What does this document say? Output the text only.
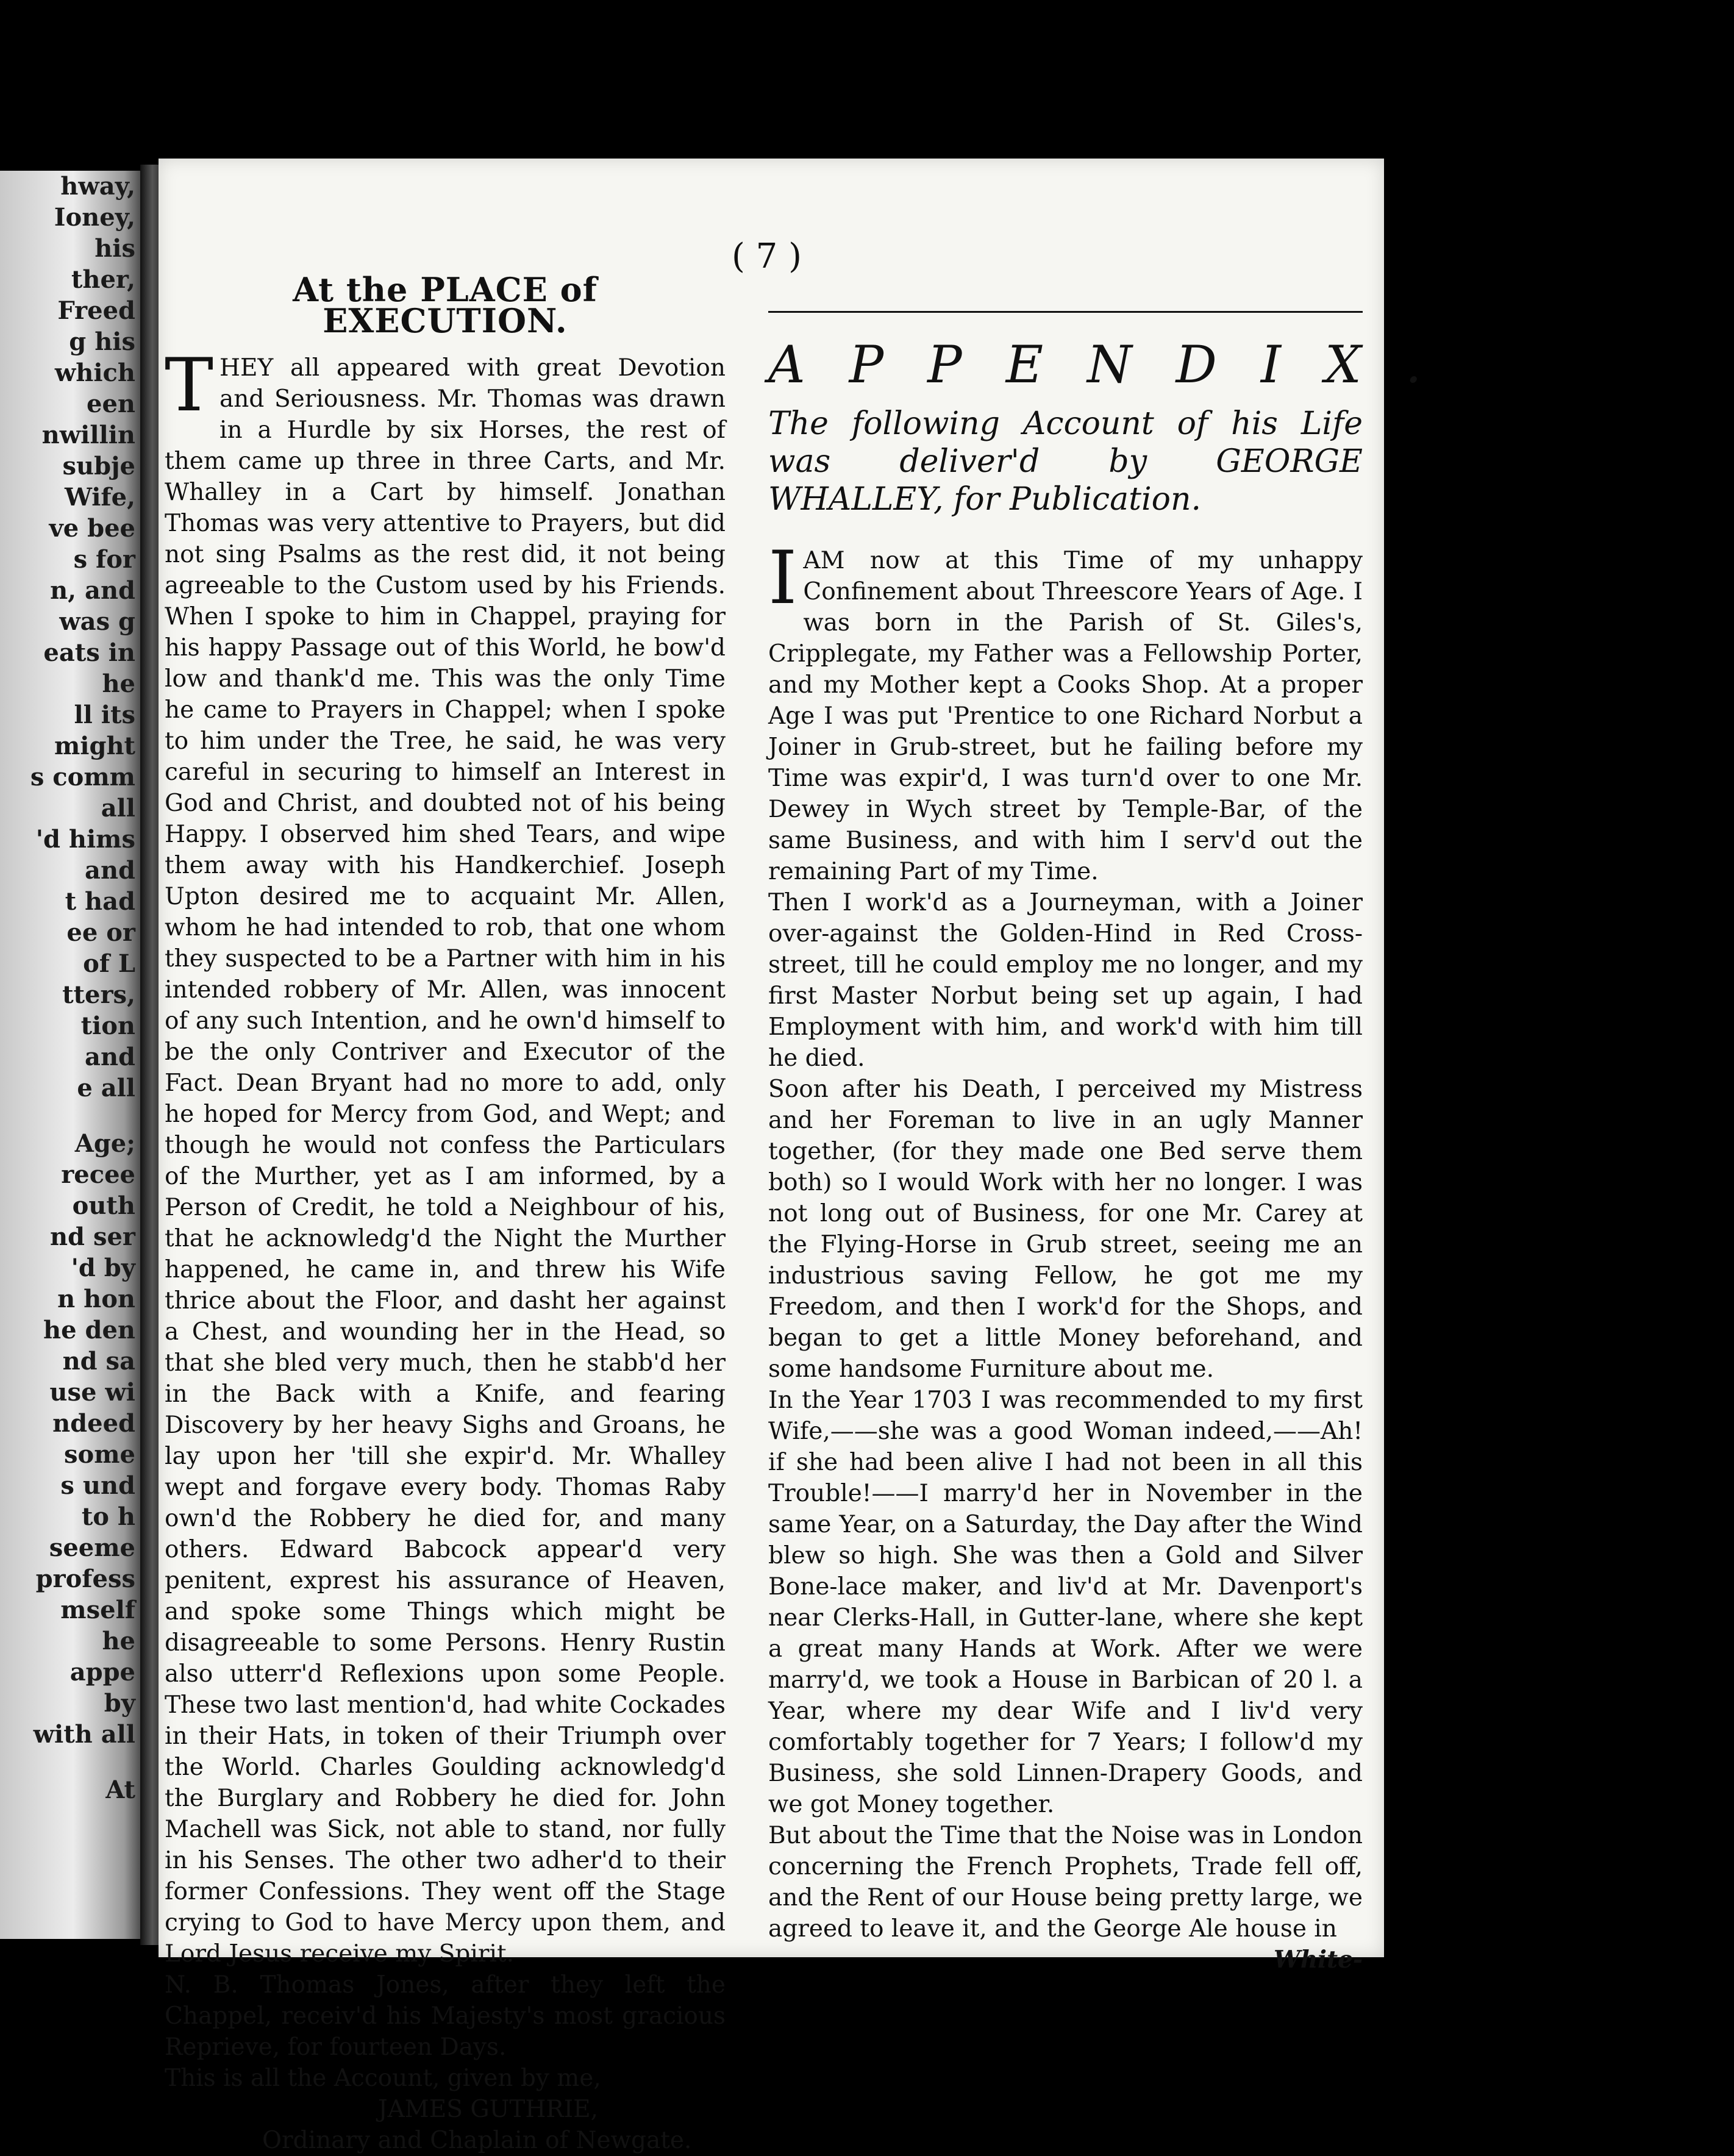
hway,
Ioney,
his
ther,
Freed
g his
which
een
nwillin
subje
Wife,
ve bee
s for
n, and
was g
eats in
he
ll its
might
s comm
all
'd hims
and
t had
ee or
of L
tters,
tion
and
e all
Age;
recee
outh
nd ser
'd by
n hon
he den
nd sa
use wi
ndeed
some
s und
to h
seeme
profess
mself
he
appe
by
with all
At
( 7 )
At the PLACE of EXECUTION.

THEY all appeared with great Devotion and Seriousness. Mr. Thomas was drawn in a Hurdle by six Horses, the rest of them came up three in three Carts, and Mr. Whalley in a Cart by himself. Jonathan Thomas was very attentive to Prayers, but did not sing Psalms as the rest did, it not being agreeable to the Custom used by his Friends. When I spoke to him in Chappel, praying for his happy Passage out of this World, he bow'd low and thank'd me. This was the only Time he came to Prayers in Chappel; when I spoke to him under the Tree, he said, he was very careful in securing to himself an Interest in God and Christ, and doubted not of his being Happy. I observed him shed Tears, and wipe them away with his Handkerchief. Joseph Upton desired me to acquaint Mr. Allen, whom he had intended to rob, that one whom they suspected to be a Partner with him in his intended robbery of Mr. Allen, was innocent of any such Intention, and he own'd himself to be the only Contriver and Executor of the Fact. Dean Bryant had no more to add, only he hoped for Mercy from God, and Wept; and though he would not confess the Particulars of the Murther, yet as I am informed, by a Person of Credit, he told a Neighbour of his, that he acknowledg'd the Night the Murther happened, he came in, and threw his Wife thrice about the Floor, and dasht her against a Chest, and wounding her in the Head, so that she bled very much, then he stabb'd her in the Back with a Knife, and fearing Discovery by her heavy Sighs and Groans, he lay upon her 'till she expir'd. Mr. Whalley wept and forgave every body. Thomas Raby own'd the Robbery he died for, and many others. Edward Babcock appear'd very penitent, exprest his assurance of Heaven, and spoke some Things which might be disagreeable to some Persons. Henry Rustin also utterr'd Reflexions upon some People. These two last mention'd, had white Cockades in their Hats, in token of their Triumph over the World. Charles Goulding acknowledg'd the Burglary and Robbery he died for. John Machell was Sick, not able to stand, nor fully in his Senses. The other two adher'd to their former Confessions. They went off the Stage crying to God to have Mercy upon them, and Lord Jesus receive my Spirit.

N. B. Thomas Jones, after they left the Chappel, receiv'd his Majesty's most gracious Reprieve, for fourteen Days.

This is all the Account, given by me,

JAMES GUTHRIE,

Ordinary and Chaplain of Newgate.

APPENDIX.
The following Account of his Life was deliver'd by GEORGE WHALLEY, for Publication.

IAM now at this Time of my unhappy Confinement about Threescore Years of Age. I was born in the Parish of St. Giles's, Cripplegate, my Father was a Fellowship Porter, and my Mother kept a Cooks Shop. At a proper Age I was put 'Prentice to one Richard Norbut a Joiner in Grub-street, but he failing before my Time was expir'd, I was turn'd over to one Mr. Dewey in Wych street by Temple-Bar, of the same Business, and with him I serv'd out the remaining Part of my Time.

Then I work'd as a Journeyman, with a Joiner over-against the Golden-Hind in Red Cross-street, till he could employ me no longer, and my first Master Norbut being set up again, I had Employment with him, and work'd with him till he died.

Soon after his Death, I perceived my Mistress and her Foreman to live in an ugly Manner together, (for they made one Bed serve them both) so I would Work with her no longer. I was not long out of Business, for one Mr. Carey at the Flying-Horse in Grub street, seeing me an industrious saving Fellow, he got me my Freedom, and then I work'd for the Shops, and began to get a little Money beforehand, and some handsome Furniture about me.

In the Year 1703 I was recommended to my first Wife,——she was a good Woman indeed,——Ah! if she had been alive I had not been in all this Trouble!——I marry'd her in November in the same Year, on a Saturday, the Day after the Wind blew so high. She was then a Gold and Silver Bone-lace maker, and liv'd at Mr. Davenport's near Clerks-Hall, in Gutter-lane, where she kept a great many Hands at Work. After we were marry'd, we took a House in Barbican of 20 l. a Year, where my dear Wife and I liv'd very comfortably together for 7 Years; I follow'd my Business, she sold Linnen-Drapery Goods, and we got Money together.

But about the Time that the Noise was in London concerning the French Prophets, Trade fell off, and the Rent of our House being pretty large, we agreed to leave it, and the George Ale house in

White-
